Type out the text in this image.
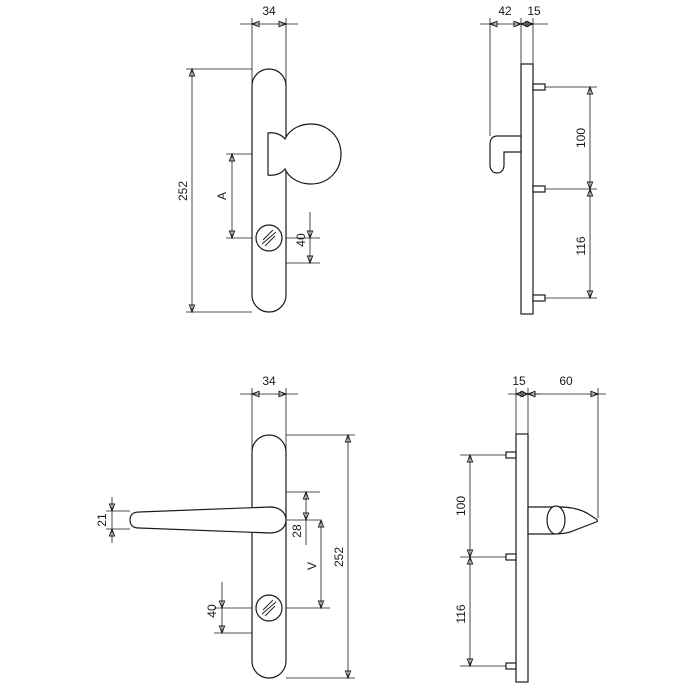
34
252 A
40
42 15
100
116
34
21
28
V 252
40
15	60
100
116
